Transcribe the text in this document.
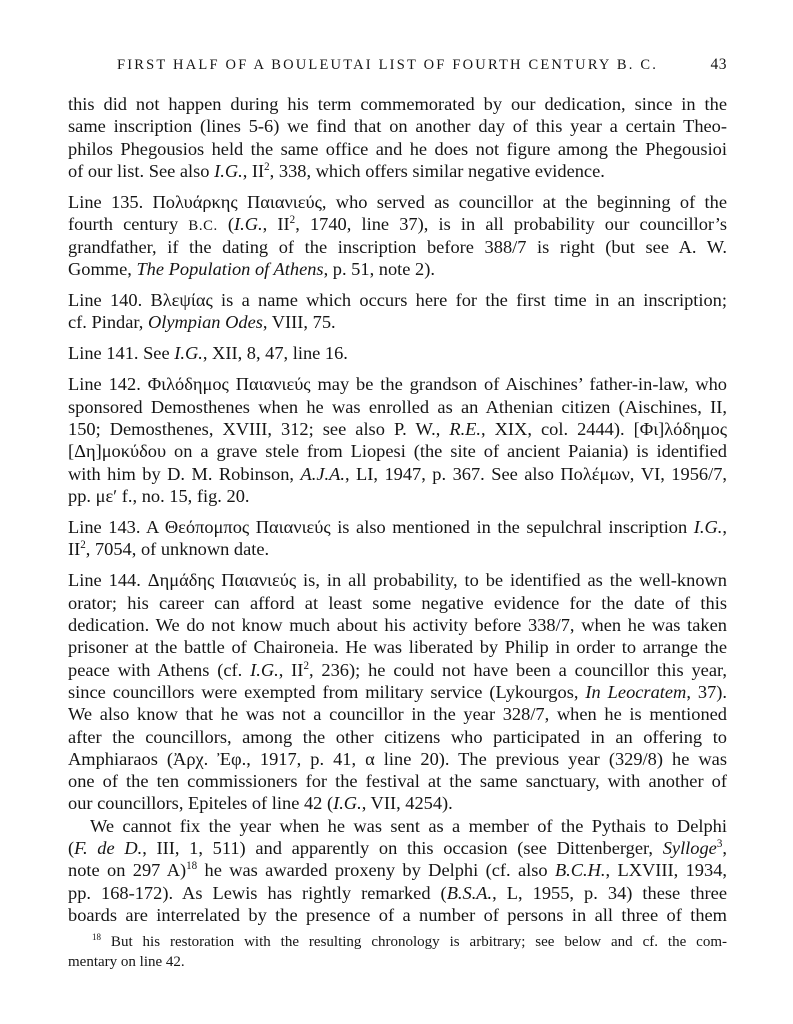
FIRST HALF OF A BOULEUTAI LIST OF FOURTH CENTURY B. C.	43
this did not happen during his term commemorated by our dedication, since in the
same inscription (lines 5-6) we find that on another day of this year a certain Theo-
philos Phegousios held the same office and he does not figure among the Phegousioi
of our list. See also I.G., $II^2$, 338, which offers similar negative evidence.
Line 135. Πολυάρκης Παιανιεύς, who served as councillor at the beginning of the
fourth century B.C. (I.G., $II^2$, 1740, line 37), is in all probability our councillor’s
grandfather, if the dating of the inscription before 388/7 is right (but see A. W.
Gomme, The Population of Athens, p. 51, note 2).
Line 140. Βλεψίας is a name which occurs here for the first time in an inscription;
cf. Pindar, Olympian Odes, VIII, 75.
Line 141. See I.G., XII, 8, 47, line 16.
Line 142. Φιλόδημος Παιανιεύς may be the grandson of Aischines’ father-in-law, who
sponsored Demosthenes when he was enrolled as an Athenian citizen (Aischines, II,
150; Demosthenes, XVIII, 312; see also P. W., R.E., XIX, col. 2444). [Φι]λόδημος
[Δη]μοκύδου on a grave stele from Liopesi (the site of ancient Paiania) is identified
with him by D. M. Robinson, A.J.A., LI, 1947, p. 367. See also Πολέμων, VI, 1956/7,
pp. μεʹ f., no. 15, fig. 20.
Line 143. A Θεόπομπος Παιανιεύς is also mentioned in the sepulchral inscription I.G.,
$II^2$, 7054, of unknown date.
Line 144. Δημάδης Παιανιεύς is, in all probability, to be identified as the well-known
orator; his career can afford at least some negative evidence for the date of this
dedication. We do not know much about his activity before 338/7, when he was taken
prisoner at the battle of Chaironeia. He was liberated by Philip in order to arrange the
peace with Athens (cf. I.G., $II^2$, 236); he could not have been a councillor this year,
since councillors were exempted from military service (Lykourgos, In Leocratem, 37).
We also know that he was not a councillor in the year 328/7, when he is mentioned
after the councillors, among the other citizens who participated in an offering to
Amphiaraos (Ἀρχ. Ἐφ., 1917, p. 41, α line 20). The previous year (329/8) he was
one of the ten commissioners for the festival at the same sanctuary, with another of
our councillors, Epiteles of line 42 (I.G., VII, 4254).
We cannot fix the year when he was sent as a member of the Pythais to Delphi
(F. de D., III, 1, 511) and apparently on this occasion (see Dittenberger, Sylloge$^3$,
note on 297 A)$^{18}$ he was awarded proxeny by Delphi (cf. also B.C.H., LXVIII, 1934,
pp. 168-172). As Lewis has rightly remarked (B.S.A., L, 1955, p. 34) these three
boards are interrelated by the presence of a number of persons in all three of them
$^{18}$ But his restoration with the resulting chronology is arbitrary; see below and cf. the com-
mentary on line 42.
